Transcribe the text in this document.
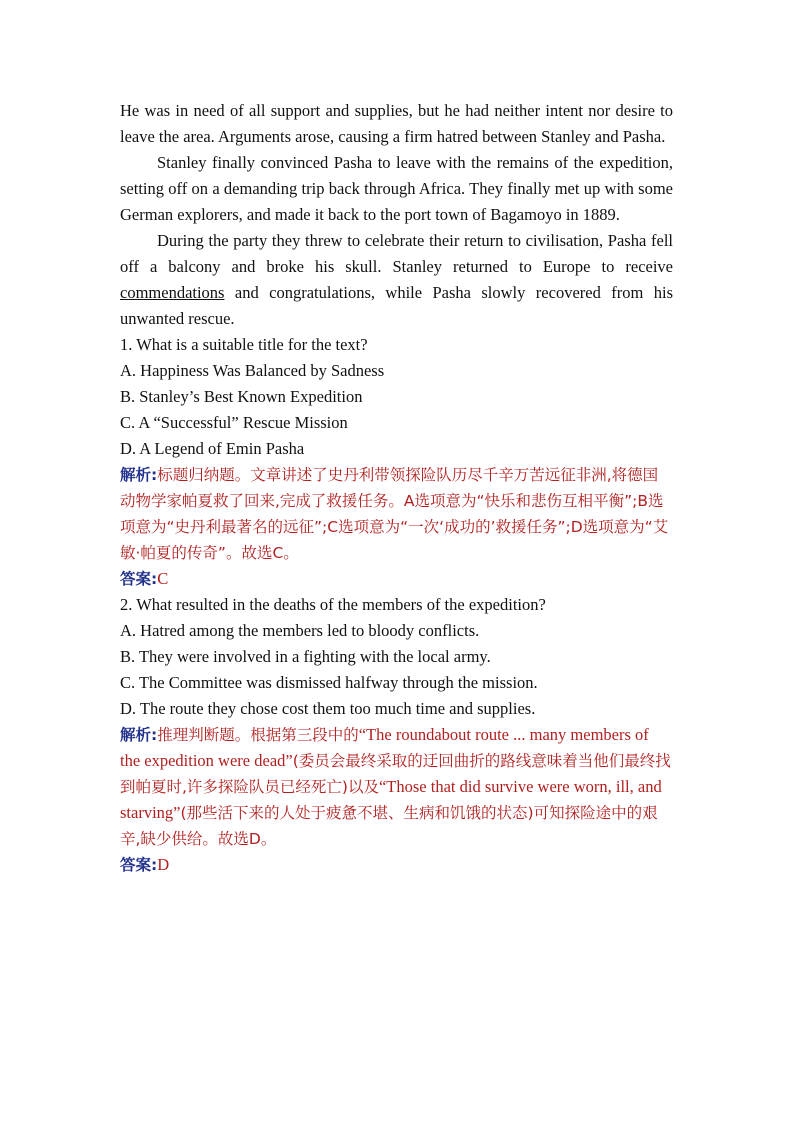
He was in need of all support and supplies, but he had neither intent nor desire to leave the area. Arguments arose, causing a firm hatred between Stanley and Pasha.

Stanley finally convinced Pasha to leave with the remains of the expedition, setting off on a demanding trip back through Africa. They finally met up with some German explorers, and made it back to the port town of Bagamoyo in 1889.

During the party they threw to celebrate their return to civilisation, Pasha fell off a balcony and broke his skull. Stanley returned to Europe to receive commendations and congratulations, while Pasha slowly recovered from his unwanted rescue.

1. What is a suitable title for the text?

A. Happiness Was Balanced by Sadness

B. Stanley’s Best Known Expedition

C. A “Successful” Rescue Mission

D. A Legend of Emin Pasha

解析:标题归纳题。文章讲述了史丹利带领探险队历尽千辛万苦远征非洲,将德国动物学家帕夏救了回来,完成了救援任务。A选项意为“快乐和悲伤互相平衡”;B选项意为“史丹利最著名的远征”;C选项意为“一次‘成功的’救援任务”;D选项意为“艾敏·帕夏的传奇”。故选C。

答案:C

2. What resulted in the deaths of the members of the expedition?

A. Hatred among the members led to bloody conflicts.

B. They were involved in a fighting with the local army.

C. The Committee was dismissed halfway through the mission.

D. The route they chose cost them too much time and supplies.

解析:推理判断题。根据第三段中的“The roundabout route ... many members of the expedition were dead”(委员会最终采取的迂回曲折的路线意味着当他们最终找到帕夏时,许多探险队员已经死亡)以及“Those that did survive were worn, ill, and starving”(那些活下来的人处于疲惫不堪、生病和饥饿的状态)可知探险途中的艰辛,缺少供给。故选D。

答案:D
